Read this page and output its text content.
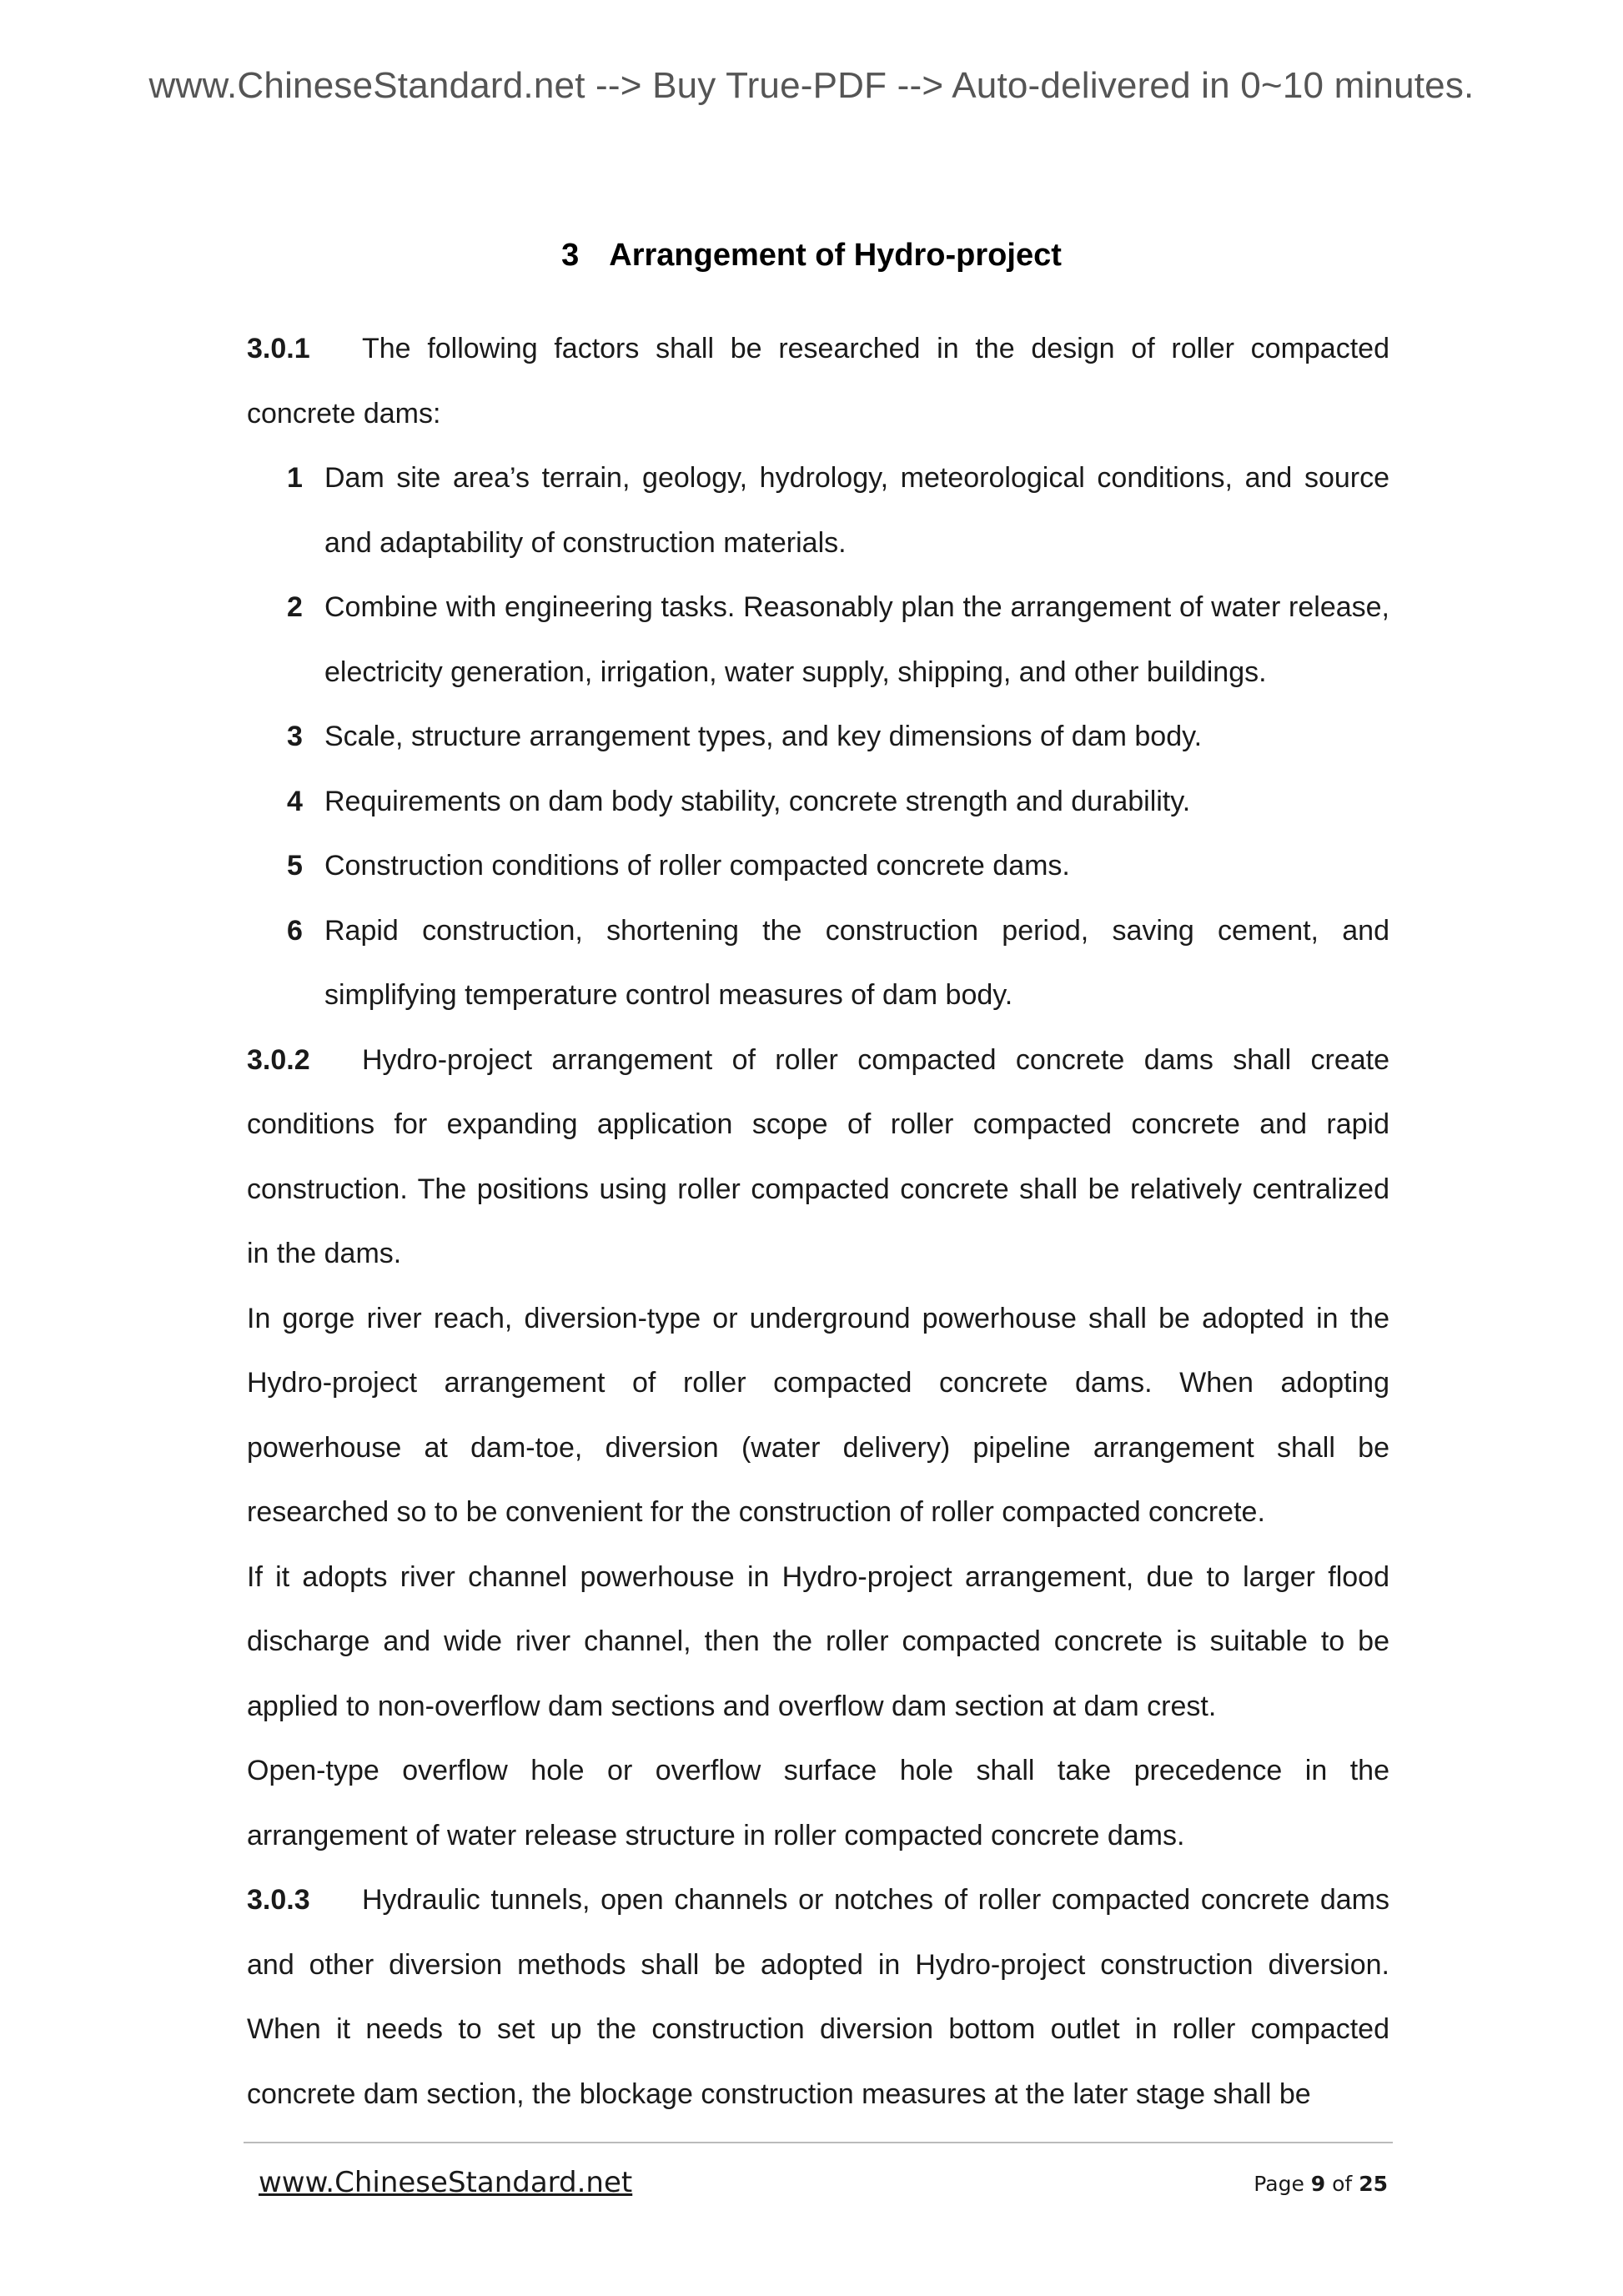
www.ChineseStandard.net --> Buy True-PDF --> Auto-delivered in 0~10 minutes.
3 Arrangement of Hydro-project

3.0.1 The following factors shall be researched in the design of roller compacted concrete dams:

1 Dam site area’s terrain, geology, hydrology, meteorological conditions, and source and adaptability of construction materials.

2 Combine with engineering tasks. Reasonably plan the arrangement of water release, electricity generation, irrigation, water supply, shipping, and other buildings.

3 Scale, structure arrangement types, and key dimensions of dam body.

4 Requirements on dam body stability, concrete strength and durability.

5 Construction conditions of roller compacted concrete dams.

6 Rapid construction, shortening the construction period, saving cement, and simplifying temperature control measures of dam body.

3.0.2 Hydro-project arrangement of roller compacted concrete dams shall create conditions for expanding application scope of roller compacted concrete and rapid construction. The positions using roller compacted concrete shall be relatively centralized in the dams.

In gorge river reach, diversion-type or underground powerhouse shall be adopted in the Hydro-project arrangement of roller compacted concrete dams. When adopting powerhouse at dam-toe, diversion (water delivery) pipeline arrangement shall be researched so to be convenient for the construction of roller compacted concrete.

If it adopts river channel powerhouse in Hydro-project arrangement, due to larger flood discharge and wide river channel, then the roller compacted concrete is suitable to be applied to non-overflow dam sections and overflow dam section at dam crest.

Open-type overflow hole or overflow surface hole shall take precedence in the arrangement of water release structure in roller compacted concrete dams.

3.0.3 Hydraulic tunnels, open channels or notches of roller compacted concrete dams and other diversion methods shall be adopted in Hydro-project construction diversion. When it needs to set up the construction diversion bottom outlet in roller compacted concrete dam section, the blockage construction measures at the later stage shall be

www.ChineseStandard.net	Page 9 of 25
